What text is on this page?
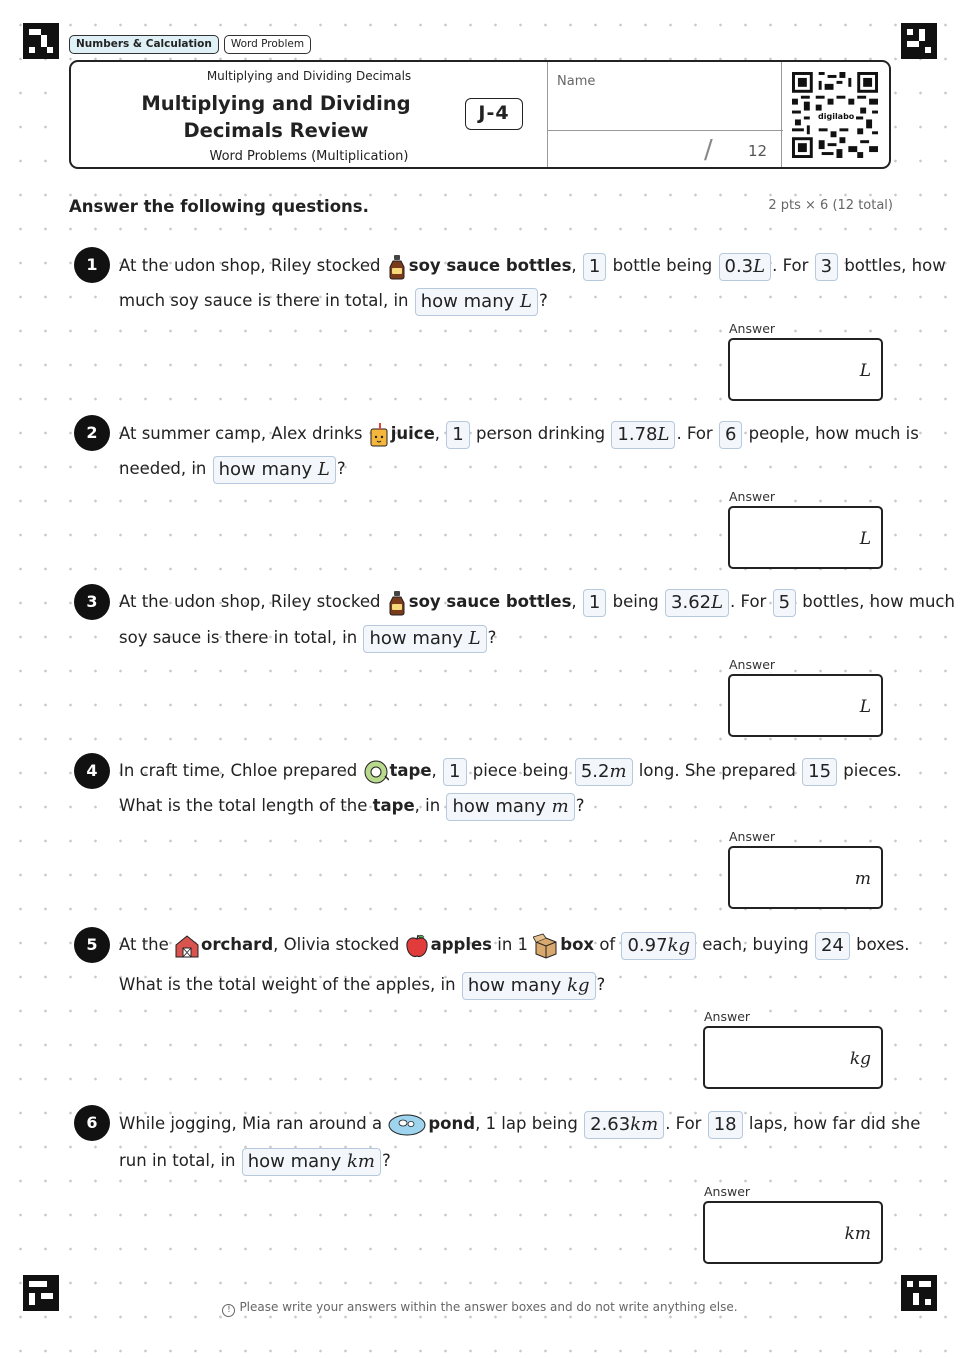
Numbers & Calculation	Word Problem
Multiplying and Dividing Decimals
Multiplying and Dividing Decimals Review
J-4
Word Problems (Multiplication)
Name
/ 12
digilabo
Answer the following questions.	2 pts × 6 (12 total)
1	At the udon shop, Riley stocked soy sauce bottles, 1 bottle being 0.3L . For 3 bottles, how
much soy sauce is there in total, in how many L ?
Answer
L
2	At summer camp, Alex drinks juice, 1 person drinking 1.78L . For 6 people, how much is
needed, in how many L ?
Answer
L
3	At the udon shop, Riley stocked soy sauce bottles, 1 being 3.62L . For 5 bottles, how much
soy sauce is there in total, in how many L ?
Answer
L
4	In craft time, Chloe prepared tape, 1 piece being 5.2m long. She prepared 15 pieces.
What is the total length of the tape, in how many m ?
Answer
m
5	At the orchard, Olivia stocked apples in 1 box of 0.97kg each, buying 24 boxes.
What is the total weight of the apples, in how many kg ?
Answer
kg
6	While jogging, Mia ran around a pond, 1 lap being 2.63km . For 18 laps, how far did she
run in total, in how many km ?
Answer
km
! Please write your answers within the answer boxes and do not write anything else.
